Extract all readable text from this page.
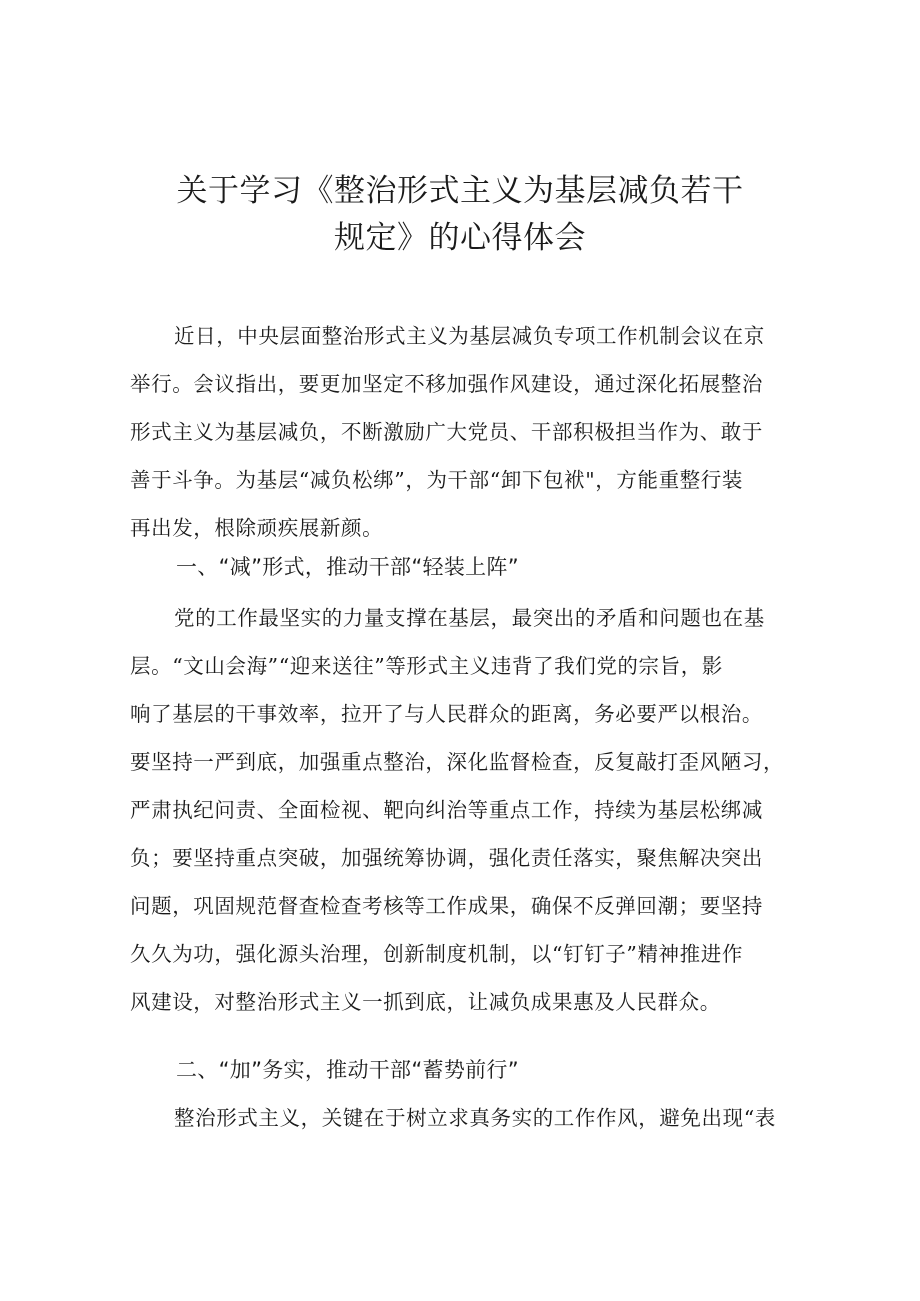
关于学习《整治形式主义为基层减负若干
规定》的心得体会
近日，中央层面整治形式主义为基层减负专项工作机制会议在京
举行。会议指出，要更加坚定不移加强作风建设，通过深化拓展整治
形式主义为基层减负，不断激励广大党员、干部积极担当作为、敢于
善于斗争。为基层“减负松绑”，为干部“卸下包袱"，方能重整行装
再出发，根除顽疾展新颜。
一、“减”形式，推动干部“轻装上阵”
党的工作最坚实的力量支撑在基层，最突出的矛盾和问题也在基
层。“文山会海”“迎来送往”等形式主义违背了我们党的宗旨，影
响了基层的干事效率，拉开了与人民群众的距离，务必要严以根治。
要坚持一严到底，加强重点整治，深化监督检查，反复敲打歪风陋习，
严肃执纪问责、全面检视、靶向纠治等重点工作，持续为基层松绑减
负；要坚持重点突破，加强统筹协调，强化责任落实，聚焦解决突出
问题，巩固规范督查检查考核等工作成果，确保不反弹回潮；要坚持
久久为功，强化源头治理，创新制度机制，以“钉钉子”精神推进作
风建设，对整治形式主义一抓到底，让减负成果惠及人民群众。
二、“加”务实，推动干部“蓄势前行”
整治形式主义，关键在于树立求真务实的工作作风，避免出现“表
